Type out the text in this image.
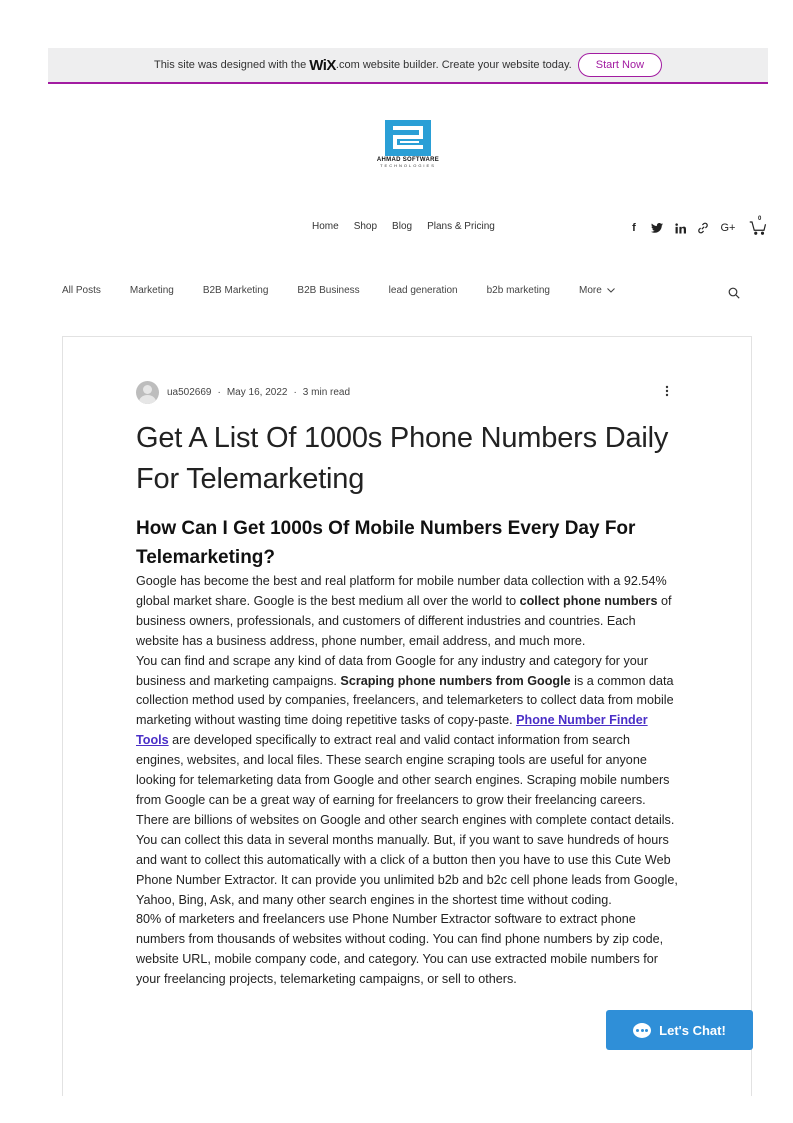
This site was designed with the WiX .com website builder. Create your website today.	Start Now
AHMAD SOFTWARE
TECHNOLOGIES
Home Shop Blog Plans & Pricing	f	G+
0
All Posts	Marketing	B2B Marketing	B2B Business	lead generation	b2b marketing	More
ua502669 · May 16, 2022 · 3 min read
Get A List Of 1000s Phone Numbers Daily For Telemarketing
How Can I Get 1000s Of Mobile Numbers Every Day For Telemarketing?

Google has become the best and real platform for mobile number data collection with a 92.54% global market share. Google is the best medium all over the world to collect phone numbers of business owners, professionals, and customers of different industries and countries. Each website has a business address, phone number, email address, and much more.

You can find and scrape any kind of data from Google for any industry and category for your business and marketing campaigns. Scraping phone numbers from Google is a common data collection method used by companies, freelancers, and telemarketers to collect data from mobile marketing without wasting time doing repetitive tasks of copy-paste. Phone Number Finder Tools are developed specifically to extract real and valid contact information from search engines, websites, and local files. These search engine scraping tools are useful for anyone looking for telemarketing data from Google and other search engines. Scraping mobile numbers from Google can be a great way of earning for freelancers to grow their freelancing careers.

There are billions of websites on Google and other search engines with complete contact details. You can collect this data in several months manually. But, if you want to save hundreds of hours and want to collect this automatically with a click of a button then you have to use this Cute Web Phone Number Extractor. It can provide you unlimited b2b and b2c cell phone leads from Google, Yahoo, Bing, Ask, and many other search engines in the shortest time without coding.

80% of marketers and freelancers use Phone Number Extractor software to extract phone numbers from thousands of websites without coding. You can find phone numbers by zip code, website URL, mobile company code, and category. You can use extracted mobile numbers for your freelancing projects, telemarketing campaigns, or sell to others.

Let's Chat!
